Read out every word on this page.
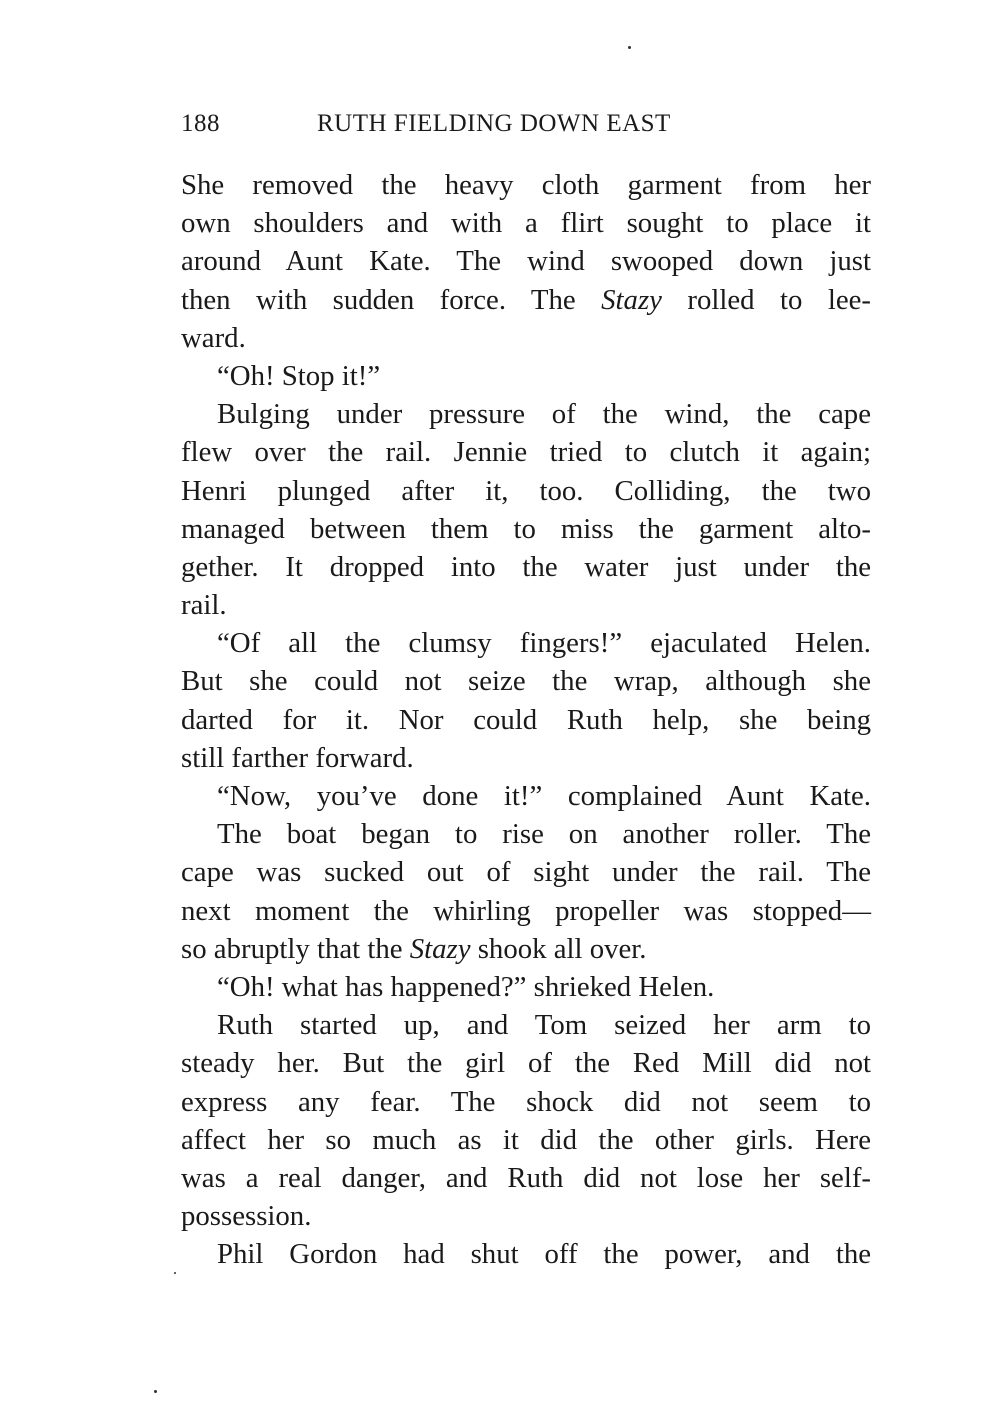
188	RUTH FIELDING DOWN EAST
She removed the heavy cloth garment from her
own shoulders and with a flirt sought to place it
around Aunt Kate. The wind swooped down just
then with sudden force. The Stazy rolled to lee-
ward.
“Oh! Stop it!”
Bulging under pressure of the wind, the cape
flew over the rail. Jennie tried to clutch it again;
Henri plunged after it, too. Colliding, the two
managed between them to miss the garment alto-
gether. It dropped into the water just under the
rail.
“Of all the clumsy fingers!” ejaculated Helen.
But she could not seize the wrap, although she
darted for it. Nor could Ruth help, she being
still farther forward.
“Now, you’ve done it!” complained Aunt Kate.
The boat began to rise on another roller. The
cape was sucked out of sight under the rail. The
next moment the whirling propeller was stopped—
so abruptly that the Stazy shook all over.
“Oh! what has happened?” shrieked Helen.
Ruth started up, and Tom seized her arm to
steady her. But the girl of the Red Mill did not
express any fear. The shock did not seem to
affect her so much as it did the other girls. Here
was a real danger, and Ruth did not lose her self-
possession.
Phil Gordon had shut off the power, and the
